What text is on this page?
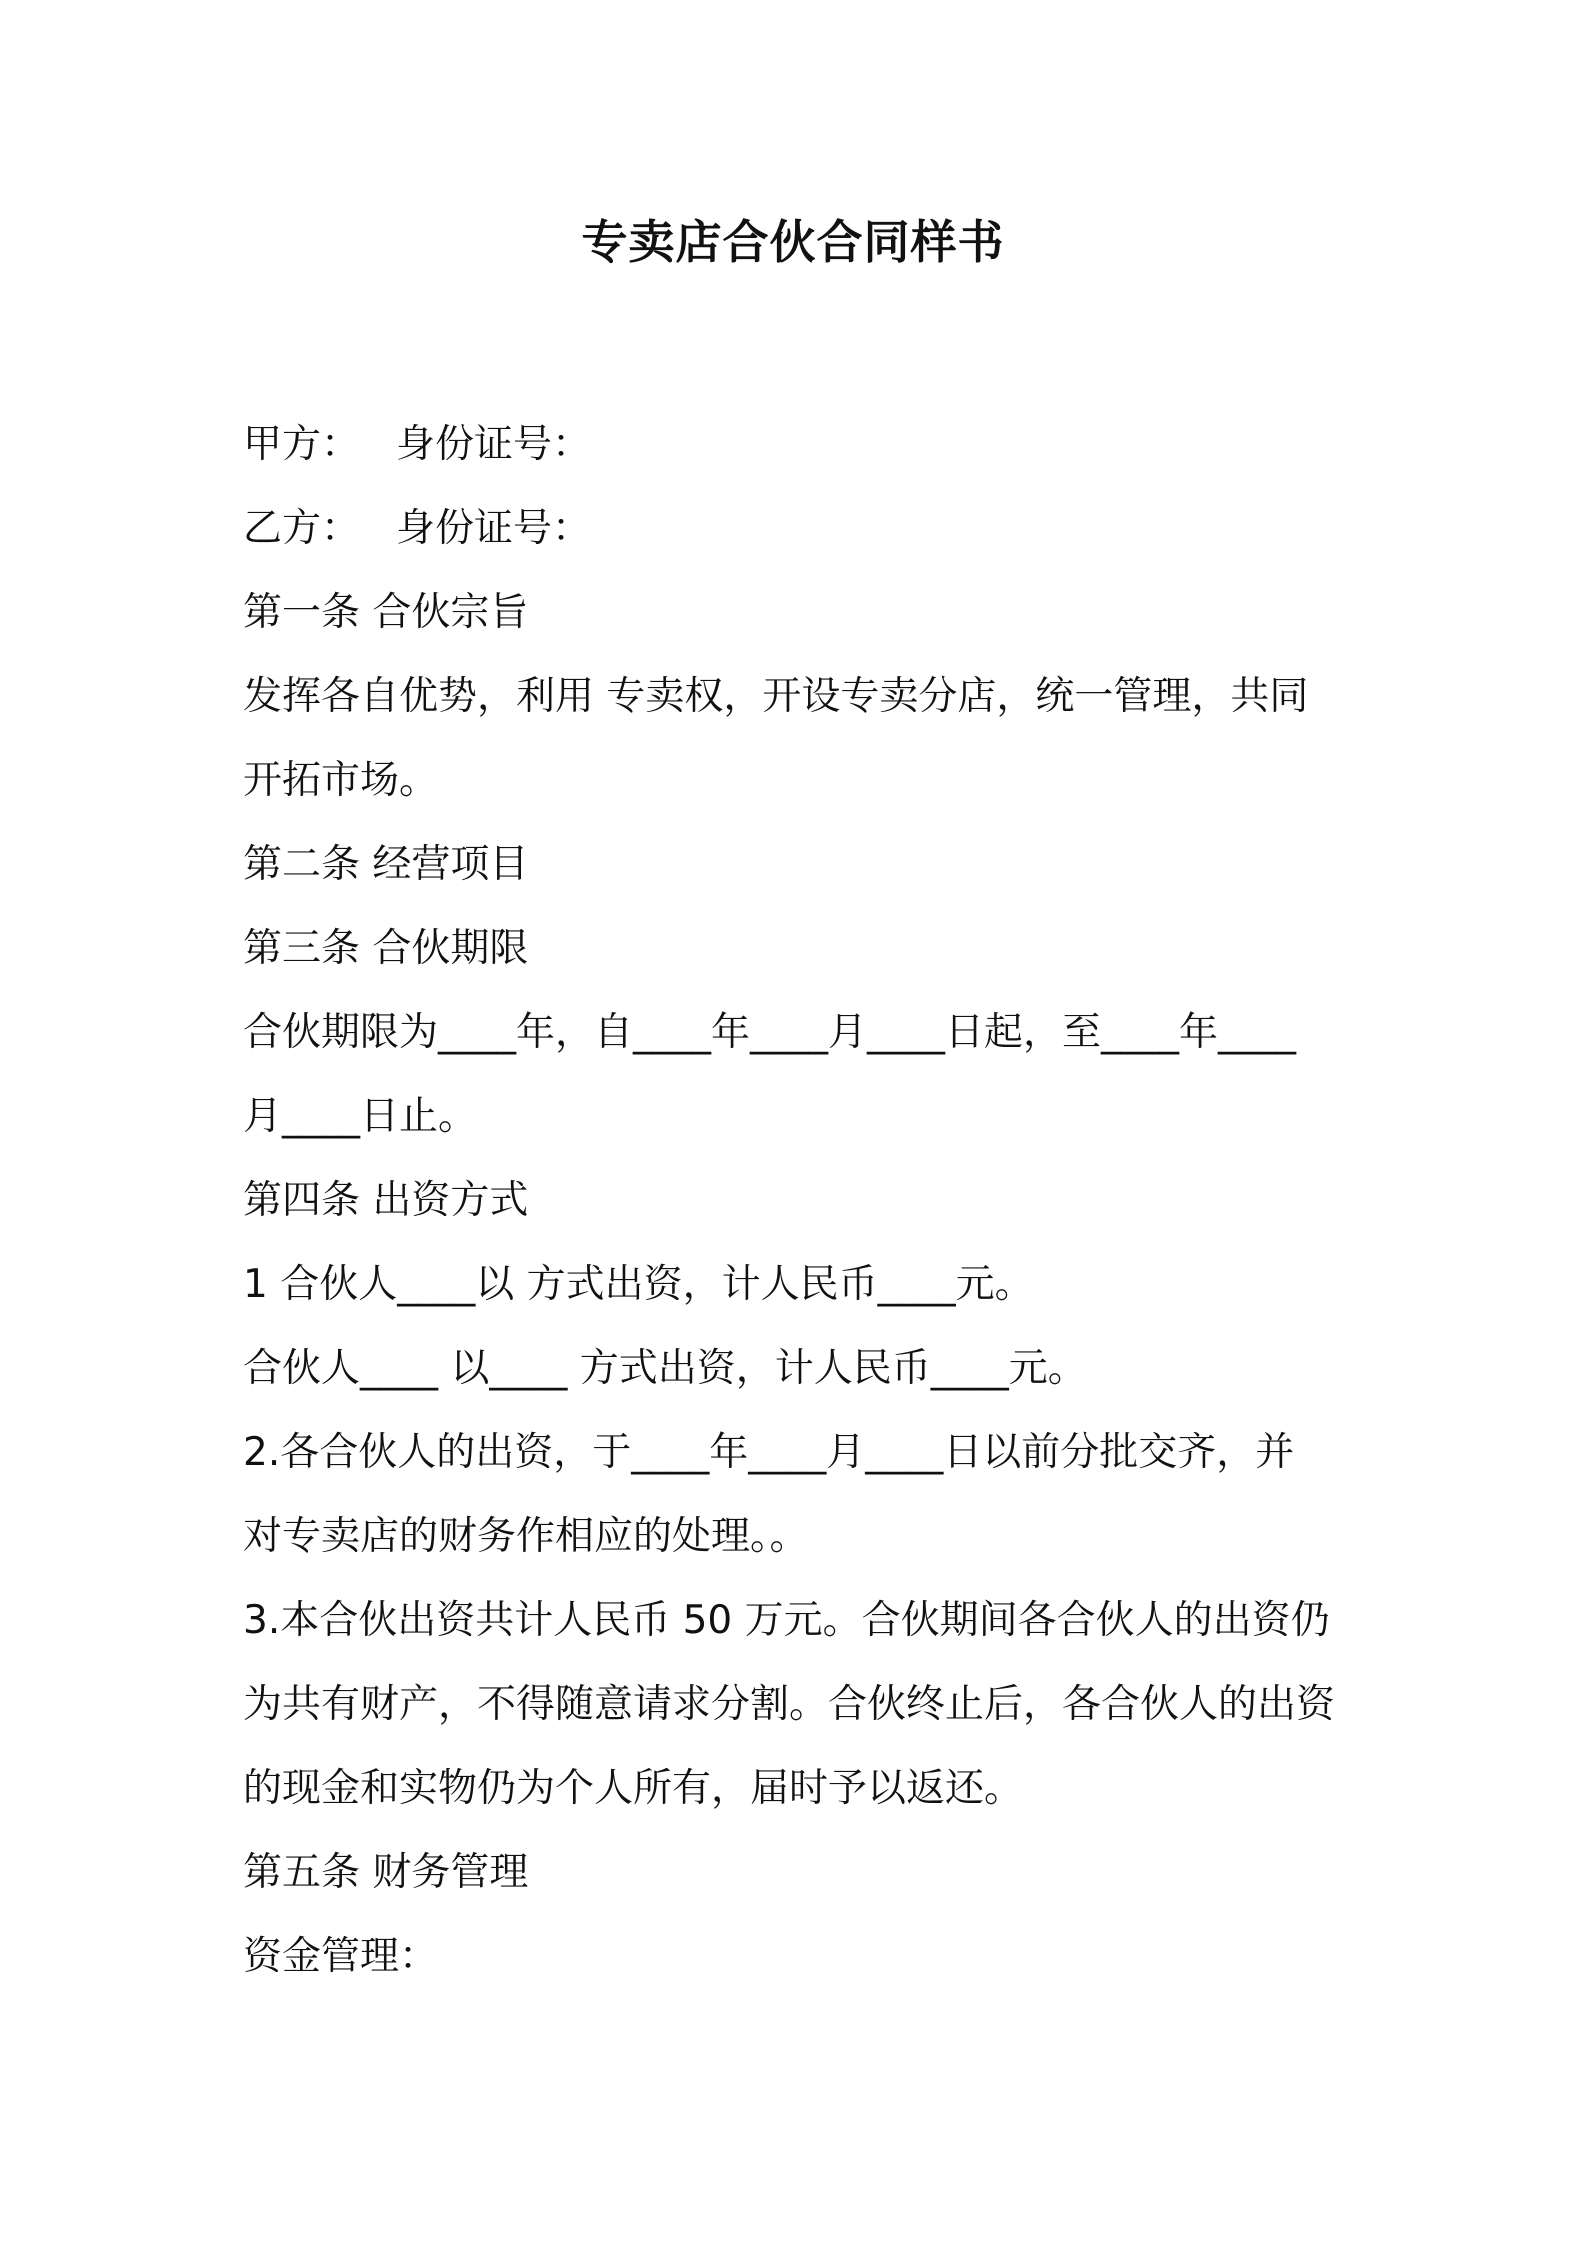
专卖店合伙合同样书
甲方： 身份证号：
乙方： 身份证号：
第一条 合伙宗旨
发挥各自优势，利用 专卖权，开设专卖分店，统一管理，共同
开拓市场。
第二条 经营项目
第三条 合伙期限
合伙期限为____年，自____年____月____日起，至____年____
月____日止。
第四条 出资方式
1 合伙人____以 方式出资，计人民币____元。
合伙人____ 以____ 方式出资，计人民币____元。
2.各合伙人的出资，于____年____月____日以前分批交齐，并
对专卖店的财务作相应的处理。。
3.本合伙出资共计人民币 50 万元。合伙期间各合伙人的出资仍
为共有财产，不得随意请求分割。合伙终止后，各合伙人的出资
的现金和实物仍为个人所有，届时予以返还。
第五条 财务管理
资金管理：
